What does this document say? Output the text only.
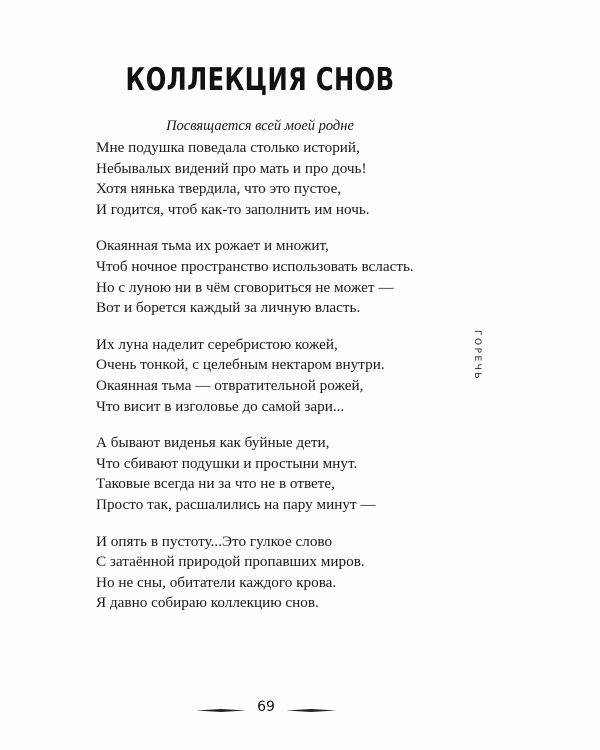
КОЛЛЕКЦИЯ СНОВ

Посвящается всей моей родне

Мне подушка поведала столько историй,
Небывалых видений про мать и про дочь!
Хотя нянька твердила, что это пустое,
И годится, чтоб как-то заполнить им ночь.
Окаянная тьма их рожает и множит,
Чтоб ночное пространство использовать всласть.
Но с луною ни в чём сговориться не может —
Вот и борется каждый за личную власть.
Их луна наделит серебристою кожей,
Очень тонкой, с целебным нектаром внутри.
Окаянная тьма — отвратительной рожей,
Что висит в изголовье до самой зари...
А бывают виденья как буйные дети,
Что сбивают подушки и простыни мнут.
Таковые всегда ни за что не в ответе,
Просто так, расшалились на пару минут —
И опять в пустоту...Это гулкое слово
С затаённой природой пропавших миров.
Но не сны, обитатели каждого крова.
Я давно собираю коллекцию снов.
ГОРЕЧЬ
69
